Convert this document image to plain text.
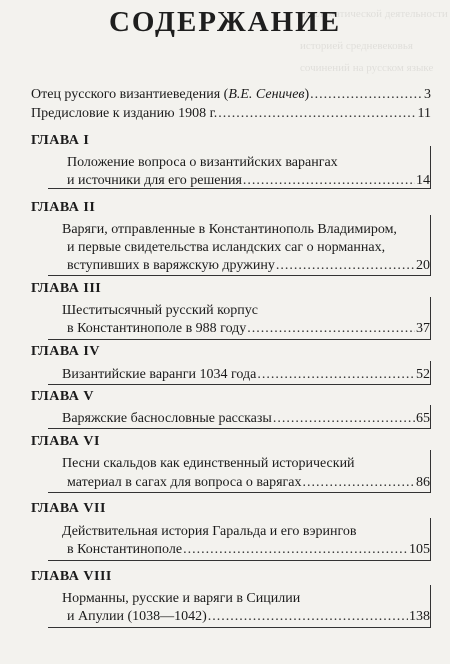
дипломатической деятельности
историей средневековья
сочинений на русском языке
СОДЕРЖАНИЕ
Отец русского византиеведения (В.Е. Сеничев) .....	3
Предисловие к изданию 1908 г. .....	11
ГЛАВА I
Положение вопроса о византийских варангах
и источники для его решения .....	14
ГЛАВА II
Варяги, отправленные в Константинополь Владимиром,
и первые свидетельства исландских саг о норманнах,
вступивших в варяжскую дружину .....	20
ГЛАВА III
Шеститысячный русский корпус
в Константинополе в 988 году .....	37
ГЛАВА IV
Византийские варанги 1034 года .....	52
ГЛАВА V
Варяжские баснословные рассказы .....	65
ГЛАВА VI
Песни скальдов как единственный исторический
материал в сагах для вопроса о варягах .....	86
ГЛАВА VII
Действительная история Гаральда и его вэрингов
в Константинополе .....	105
ГЛАВА VIII
Норманны, русские и варяги в Сицилии
и Апулии (1038—1042) .....	138
